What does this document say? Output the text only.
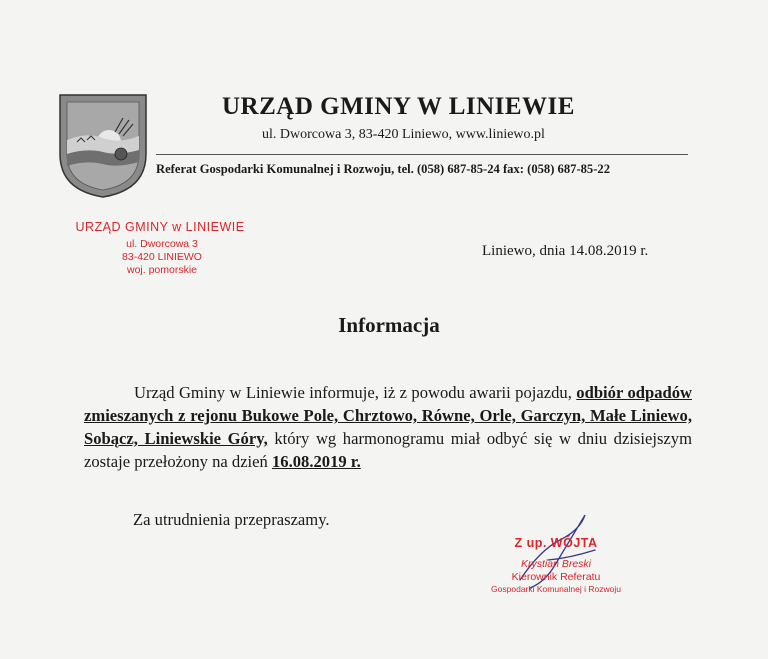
URZĄD GMINY W LINIEWIE
ul. Dworcowa 3, 83-420 Liniewo, www.liniewo.pl
Referat Gospodarki Komunalnej i Rozwoju, tel. (058) 687-85-24 fax: (058) 687-85-22
URZĄD GMINY w LINIEWIE
ul. Dworcowa 3
83-420 LINIEWO
woj. pomorskie
Liniewo, dnia 14.08.2019 r.
Informacja
Urząd Gminy w Liniewie informuje, iż z powodu awarii pojazdu, odbiór odpadów zmieszanych z rejonu Bukowe Pole, Chrztowo, Równe, Orle, Garczyn, Małe Liniewo, Sobącz, Liniewskie Góry, który wg harmonogramu miał odbyć się w dniu dzisiejszym zostaje przełożony na dzień 16.08.2019 r.
Za utrudnienia przepraszamy.
Z up. WÓJTA
Krystian Breski
Kierownik Referatu
Gospodarki Komunalnej i Rozwoju
